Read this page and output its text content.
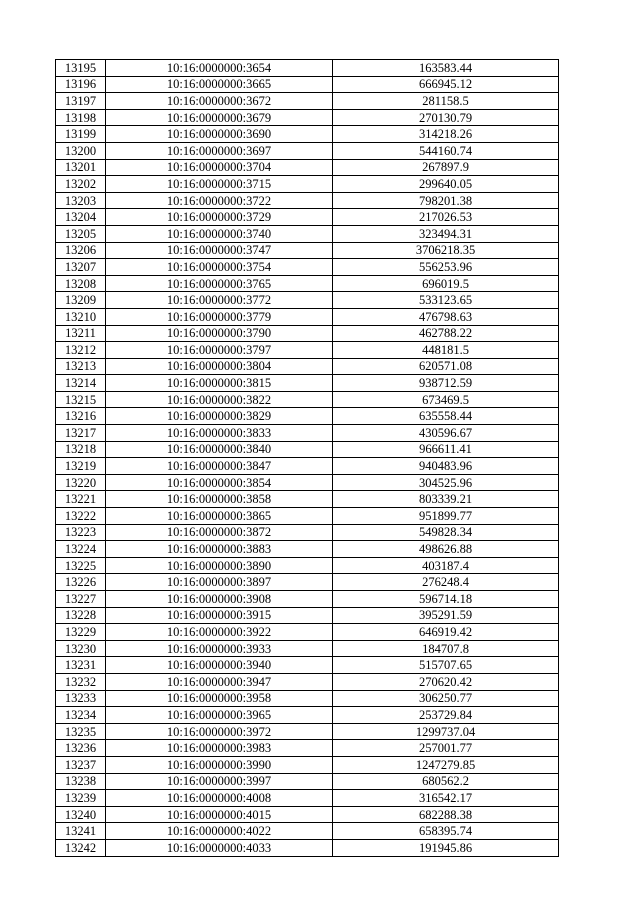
13195	10:16:0000000:3654	163583.44
13196	10:16:0000000:3665	666945.12
13197	10:16:0000000:3672	281158.5
13198	10:16:0000000:3679	270130.79
13199	10:16:0000000:3690	314218.26
13200	10:16:0000000:3697	544160.74
13201	10:16:0000000:3704	267897.9
13202	10:16:0000000:3715	299640.05
13203	10:16:0000000:3722	798201.38
13204	10:16:0000000:3729	217026.53
13205	10:16:0000000:3740	323494.31
13206	10:16:0000000:3747	3706218.35
13207	10:16:0000000:3754	556253.96
13208	10:16:0000000:3765	696019.5
13209	10:16:0000000:3772	533123.65
13210	10:16:0000000:3779	476798.63
13211	10:16:0000000:3790	462788.22
13212	10:16:0000000:3797	448181.5
13213	10:16:0000000:3804	620571.08
13214	10:16:0000000:3815	938712.59
13215	10:16:0000000:3822	673469.5
13216	10:16:0000000:3829	635558.44
13217	10:16:0000000:3833	430596.67
13218	10:16:0000000:3840	966611.41
13219	10:16:0000000:3847	940483.96
13220	10:16:0000000:3854	304525.96
13221	10:16:0000000:3858	803339.21
13222	10:16:0000000:3865	951899.77
13223	10:16:0000000:3872	549828.34
13224	10:16:0000000:3883	498626.88
13225	10:16:0000000:3890	403187.4
13226	10:16:0000000:3897	276248.4
13227	10:16:0000000:3908	596714.18
13228	10:16:0000000:3915	395291.59
13229	10:16:0000000:3922	646919.42
13230	10:16:0000000:3933	184707.8
13231	10:16:0000000:3940	515707.65
13232	10:16:0000000:3947	270620.42
13233	10:16:0000000:3958	306250.77
13234	10:16:0000000:3965	253729.84
13235	10:16:0000000:3972	1299737.04
13236	10:16:0000000:3983	257001.77
13237	10:16:0000000:3990	1247279.85
13238	10:16:0000000:3997	680562.2
13239	10:16:0000000:4008	316542.17
13240	10:16:0000000:4015	682288.38
13241	10:16:0000000:4022	658395.74
13242	10:16:0000000:4033	191945.86
